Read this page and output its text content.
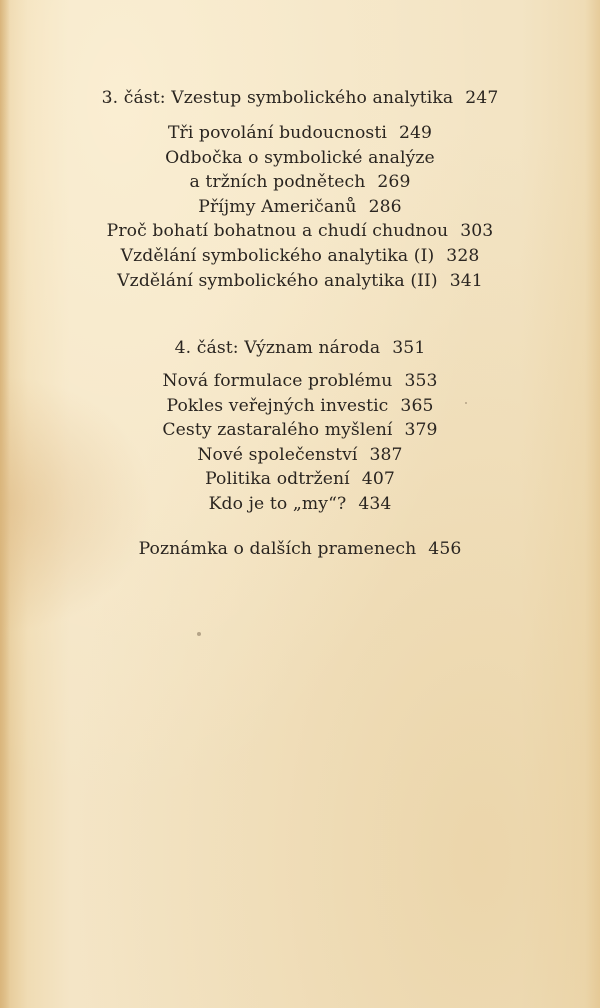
3. část: Vzestup symbolického analytika 247
Tři povolání budoucnosti 249
Odbočka o symbolické analýze
a tržních podnětech 269
Příjmy Američanů 286
Proč bohatí bohatnou a chudí chudnou 303
Vzdělání symbolického analytika (I) 328
Vzdělání symbolického analytika (II) 341
4. část: Význam národa 351
Nová formulace problému 353
Pokles veřejných investic 365
Cesty zastaralého myšlení 379
Nové společenství 387
Politika odtržení 407
Kdo je to „my“? 434
Poznámka o dalších pramenech 456
